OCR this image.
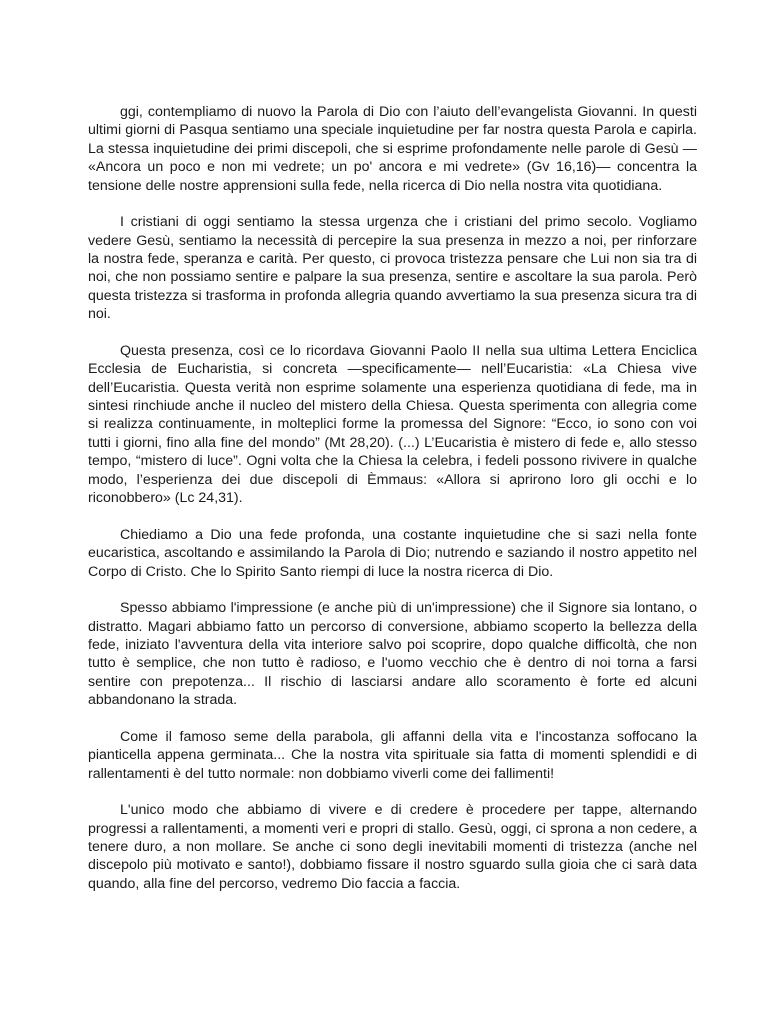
ggi, contempliamo di nuovo la Parola di Dio con l’aiuto dell’evangelista Giovanni. In questi ultimi giorni di Pasqua sentiamo una speciale inquietudine per far nostra questa Parola e capirla. La stessa inquietudine dei primi discepoli, che si esprime profondamente nelle parole di Gesù — «Ancora un poco e non mi vedrete; un po' ancora e mi vedrete» (Gv 16,16)— concentra la tensione delle nostre apprensioni sulla fede, nella ricerca di Dio nella nostra vita quotidiana.

I cristiani di oggi sentiamo la stessa urgenza che i cristiani del primo secolo. Vogliamo vedere Gesù, sentiamo la necessità di percepire la sua presenza in mezzo a noi, per rinforzare la nostra fede, speranza e carità. Per questo, ci provoca tristezza pensare che Lui non sia tra di noi, che non possiamo sentire e palpare la sua presenza, sentire e ascoltare la sua parola. Però questa tristezza si trasforma in profonda allegria quando avvertiamo la sua presenza sicura tra di noi.

Questa presenza, così ce lo ricordava Giovanni Paolo II nella sua ultima Lettera Enciclica Ecclesia de Eucharistia, si concreta —specificamente— nell’Eucaristia: «La Chiesa vive dell’Eucaristia. Questa verità non esprime solamente una esperienza quotidiana di fede, ma in sintesi rinchiude anche il nucleo del mistero della Chiesa. Questa sperimenta con allegria come si realizza continuamente, in molteplici forme la promessa del Signore: “Ecco, io sono con voi tutti i giorni, fino alla fine del mondo” (Mt 28,20). (...) L’Eucaristia è mistero di fede e, allo stesso tempo, “mistero di luce”. Ogni volta che la Chiesa la celebra, i fedeli possono rivivere in qualche modo, l’esperienza dei due discepoli di Èmmaus: «Allora si aprirono loro gli occhi e lo riconobbero» (Lc 24,31).

Chiediamo a Dio una fede profonda, una costante inquietudine che si sazi nella fonte eucaristica, ascoltando e assimilando la Parola di Dio; nutrendo e saziando il nostro appetito nel Corpo di Cristo. Che lo Spirito Santo riempi di luce la nostra ricerca di Dio.

Spesso abbiamo l'impressione (e anche più di un'impressione) che il Signore sia lontano, o distratto. Magari abbiamo fatto un percorso di conversione, abbiamo scoperto la bellezza della fede, iniziato l'avventura della vita interiore salvo poi scoprire, dopo qualche difficoltà, che non tutto è semplice, che non tutto è radioso, e l'uomo vecchio che è dentro di noi torna a farsi sentire con prepotenza... Il rischio di lasciarsi andare allo scoramento è forte ed alcuni abbandonano la strada.

Come il famoso seme della parabola, gli affanni della vita e l'incostanza soffocano la pianticella appena germinata... Che la nostra vita spirituale sia fatta di momenti splendidi e di rallentamenti è del tutto normale: non dobbiamo viverli come dei fallimenti!

L'unico modo che abbiamo di vivere e di credere è procedere per tappe, alternando progressi a rallentamenti, a momenti veri e propri di stallo. Gesù, oggi, ci sprona a non cedere, a tenere duro, a non mollare. Se anche ci sono degli inevitabili momenti di tristezza (anche nel discepolo più motivato e santo!), dobbiamo fissare il nostro sguardo sulla gioia che ci sarà data quando, alla fine del percorso, vedremo Dio faccia a faccia.
